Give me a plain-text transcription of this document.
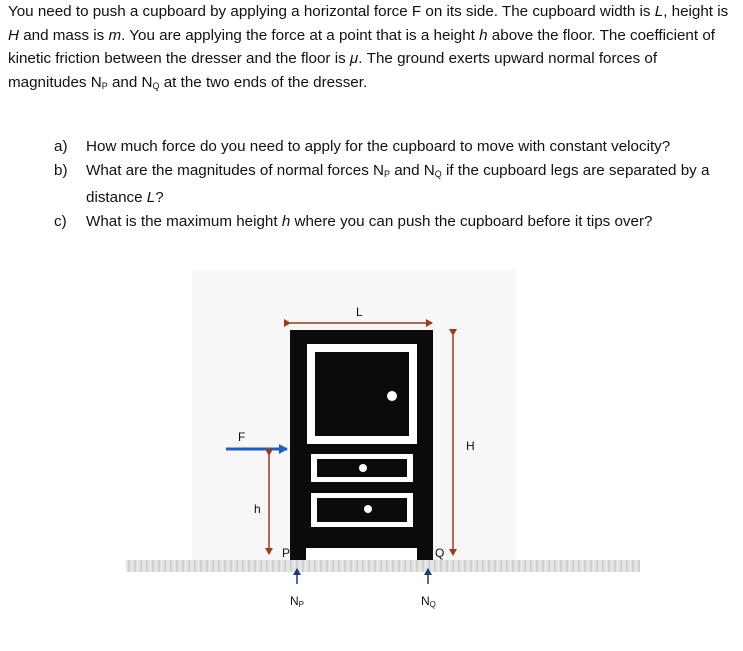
You need to push a cupboard by applying a horizontal force F on its side. The cupboard width is L, height is H and mass is m. You are applying the force at a point that is a height h above the floor. The coefficient of kinetic friction between the dresser and the floor is μ. The ground exerts upward normal forces of magnitudes $N_P$ and $N_Q$ at the two ends of the dresser.
a) How much force do you need to apply for the cupboard to move with constant velocity?
b) What are the magnitudes of normal forces $N_P$ and $N_Q$ if the cupboard legs are separated by a distance L?
c) What is the maximum height h where you can push the cupboard before it tips over?
L
H
F
h
P	Q
NP	NQ
